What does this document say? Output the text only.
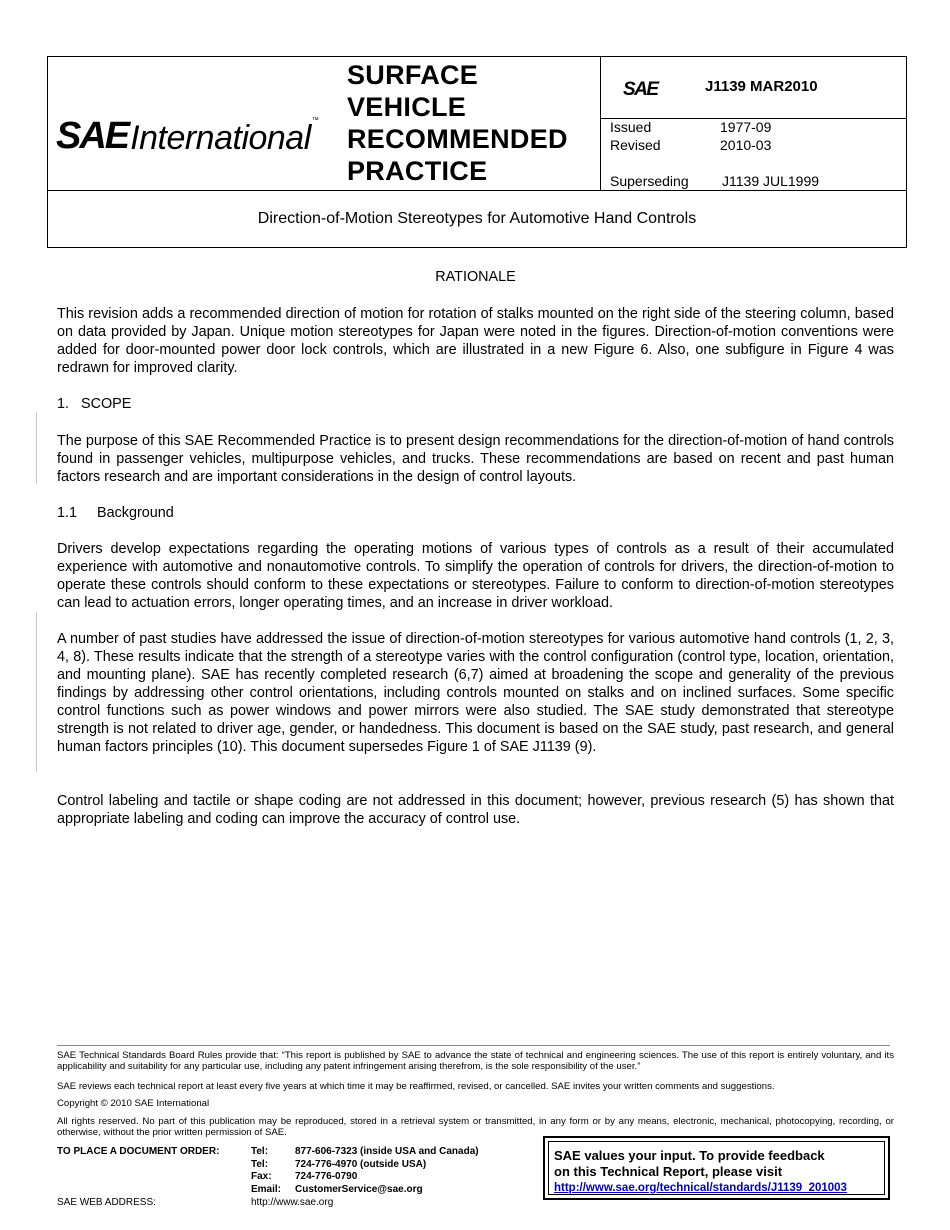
SAE International ™
SURFACE
VEHICLE
RECOMMENDED
PRACTICE
SAE	J1139 MAR2010
Issued	1977-09
Revised	2010-03
Superseding J1139 JUL1999
Direction-of-Motion Stereotypes for Automotive Hand Controls
RATIONALE
This revision adds a recommended direction of motion for rotation of stalks mounted on the right side of the steering column, based on data provided by Japan. Unique motion stereotypes for Japan were noted in the figures. Direction-of-motion conventions were added for door-mounted power door lock controls, which are illustrated in a new Figure 6. Also, one subfigure in Figure 4 was redrawn for improved clarity.
1.   SCOPE
The purpose of this SAE Recommended Practice is to present design recommendations for the direction-of-motion of hand controls found in passenger vehicles, multipurpose vehicles, and trucks. These recommendations are based on recent and past human factors research and are important considerations in the design of control layouts.
1.1     Background
Drivers develop expectations regarding the operating motions of various types of controls as a result of their accumulated experience with automotive and nonautomotive controls. To simplify the operation of controls for drivers, the direction-of-motion to operate these controls should conform to these expectations or stereotypes. Failure to conform to direction-of-motion stereotypes can lead to actuation errors, longer operating times, and an increase in driver workload.
A number of past studies have addressed the issue of direction-of-motion stereotypes for various automotive hand controls (1, 2, 3, 4, 8). These results indicate that the strength of a stereotype varies with the control configuration (control type, location, orientation, and mounting plane). SAE has recently completed research (6,7) aimed at broadening the scope and generality of the previous findings by addressing other control orientations, including controls mounted on stalks and on inclined surfaces. Some specific control functions such as power windows and power mirrors were also studied. The SAE study demonstrated that stereotype strength is not related to driver age, gender, or handedness. This document is based on the SAE study, past research, and general human factors principles (10). This document supersedes Figure 1 of SAE J1139 (9).
Control labeling and tactile or shape coding are not addressed in this document; however, previous research (5) has shown that appropriate labeling and coding can improve the accuracy of control use.
SAE Technical Standards Board Rules provide that: “This report is published by SAE to advance the state of technical and engineering sciences. The use of this report is entirely voluntary, and its applicability and suitability for any particular use, including any patent infringement arising therefrom, is the sole responsibility of the user.”
SAE reviews each technical report at least every five years at which time it may be reaffirmed, revised, or cancelled. SAE invites your written comments and suggestions.
Copyright © 2010 SAE International
All rights reserved. No part of this publication may be reproduced, stored in a retrieval system or transmitted, in any form or by any means, electronic, mechanical, photocopying, recording, or otherwise, without the prior written permission of SAE.
TO PLACE A DOCUMENT ORDER:	Tel:	877-606-7323 (inside USA and Canada)
Tel:	724-776-4970 (outside USA)
Fax: 724-776-0790
Email: CustomerService@sae.org
SAE WEB ADDRESS:	http://www.sae.org
SAE values your input. To provide feedback
on this Technical Report, please visit
http://www.sae.org/technical/standards/J1139_201003
